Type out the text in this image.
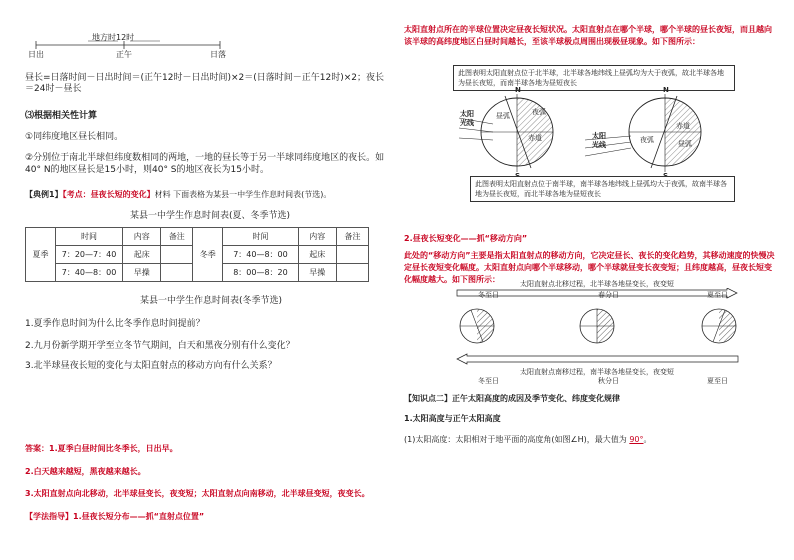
地方时12时
日出	正午	日落
昼长=日落时间－日出时间＝(正午12时－日出时间)×2＝(日落时间－正午12时)×2；夜长＝24时－昼长
⑶根据相关性计算
①同纬度地区昼长相同。
②分别位于南北半球但纬度数相同的两地，一地的昼长等于另一半球同纬度地区的夜长。如40° N的地区昼长是15小时，则40° S的地区夜长为15小时。
【典例1】【考点：昼夜长短的变化】材料 下面表格为某县一中学生作息时间表(节选)。
某县一中学生作息时间表(夏、冬季节选)
夏季	时间	内容	备注	冬季	时间	内容	备注
	7：20—7：40	起床			7：40—8：00	起床	
	7：40—8：00	早操			8：00—8：20	早操	
某县一中学生作息时间表(冬季节选)
1.夏季作息时间为什么比冬季作息时间提前？
2.九月份新学期开学至立冬节气期间，白天和黑夜分别有什么变化？
3.北半球昼夜长短的变化与太阳直射点的移动方向有什么关系？
答案：1.夏季白昼时间比冬季长，日出早。
2.白天越来越短，黑夜越来越长。
3.太阳直射点向北移动，北半球昼变长，夜变短；太阳直射点向南移动，北半球昼变短，夜变长。
【学法指导】1.昼夜长短分布——抓“直射点位置”
太阳直射点所在的半球位置决定昼夜长短状况。太阳直射点在哪个半球，哪个半球的昼长夜短，而且越向该半球的高纬度地区白昼时间越长，至该半球极点周围出现极昼现象。如下图所示：
此图表明太阳直射点位于北半球，北半球各地纬线上昼弧均为大于夜弧，故北半球各地为昼长夜短，而南半球各地为昼短夜长
N	N
昼弧	夜弧
赤道
昼弧
夜弧
赤道
太阳光线
太阳光线
此图表明太阳直射点位于南半球，南半球各地纬线上昼弧均大于夜弧，故南半球各地为昼长夜短，而北半球各地为昼短夜长
2.昼夜长短变化——抓“移动方向”
此处的“移动方向”主要是指太阳直射点的移动方向，它决定昼长、夜长的变化趋势，其移动速度的快慢决定昼长夜短变化幅度。太阳直射点向哪个半球移动，哪个半球就昼变长夜变短；且纬度越高，昼夜长短变化幅度越大。如下图所示：	太阳直射点北移过程，北半球各地昼变长，夜变短
冬至日	春分日	夏至日
冬至日	秋分日	夏至日
太阳直射点南移过程，南半球各地昼变长，夜变短
【知识点二】正午太阳高度的成因及季节变化、纬度变化规律
1.太阳高度与正午太阳高度
(1)太阳高度：太阳相对于地平面的高度角(如图∠H)，最大值为 90°。
